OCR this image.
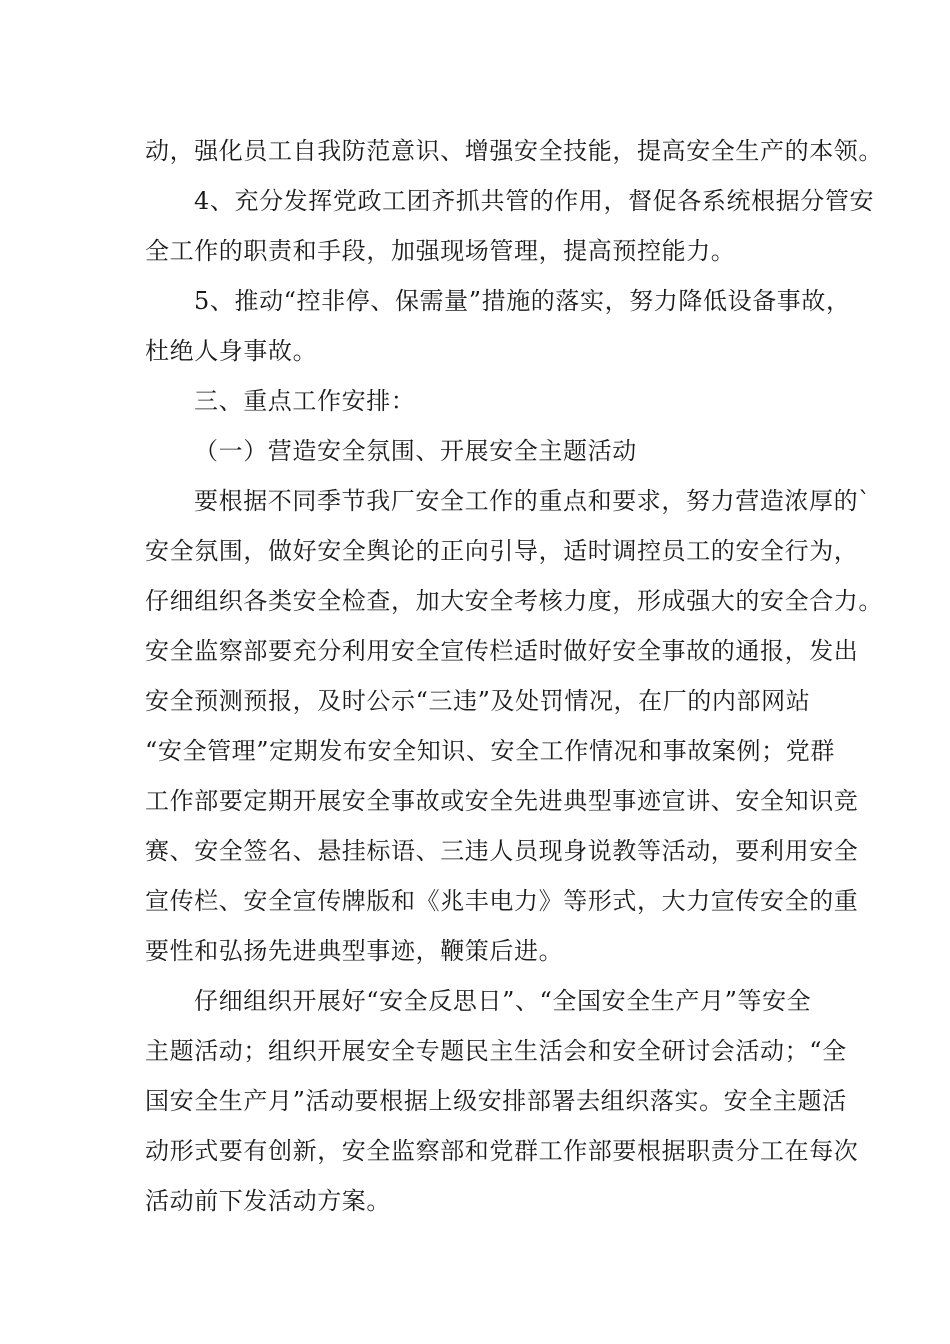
动，强化员工自我防范意识、增强安全技能，提高安全生产的本领。
4、充分发挥党政工团齐抓共管的作用，督促各系统根据分管安
全工作的职责和手段，加强现场管理，提高预控能力。
5、推动“控非停、保需量”措施的落实，努力降低设备事故，
杜绝人身事故。
三、重点工作安排：
（一）营造安全氛围、开展安全主题活动
要根据不同季节我厂安全工作的重点和要求，努力营造浓厚的`
安全氛围，做好安全舆论的正向引导，适时调控员工的安全行为，
仔细组织各类安全检查，加大安全考核力度，形成强大的安全合力。
安全监察部要充分利用安全宣传栏适时做好安全事故的通报，发出
安全预测预报，及时公示“三违”及处罚情况，在厂的内部网站
“安全管理”定期发布安全知识、安全工作情况和事故案例；党群
工作部要定期开展安全事故或安全先进典型事迹宣讲、安全知识竞
赛、安全签名、悬挂标语、三违人员现身说教等活动，要利用安全
宣传栏、安全宣传牌版和《兆丰电力》等形式，大力宣传安全的重
要性和弘扬先进典型事迹，鞭策后进。
仔细组织开展好“安全反思日”、“全国安全生产月”等安全
主题活动；组织开展安全专题民主生活会和安全研讨会活动；“全
国安全生产月”活动要根据上级安排部署去组织落实。安全主题活
动形式要有创新，安全监察部和党群工作部要根据职责分工在每次
活动前下发活动方案。
